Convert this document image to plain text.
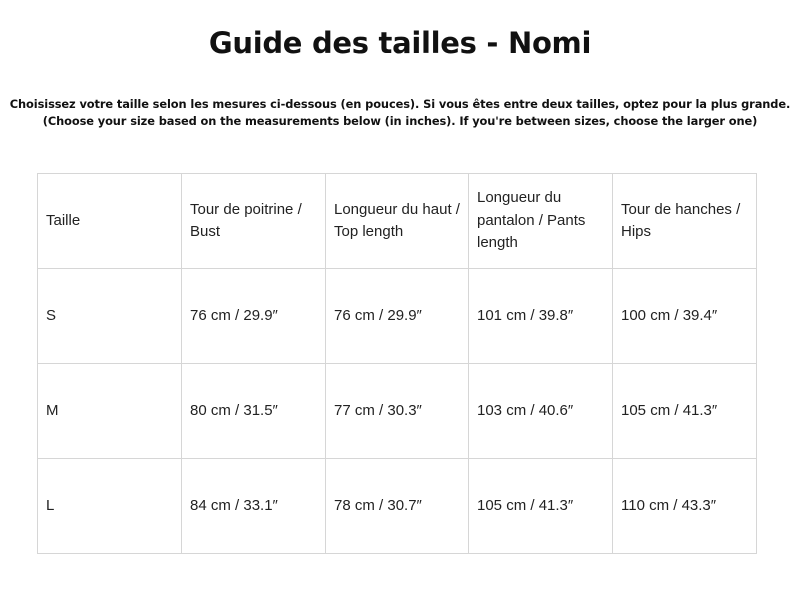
Guide des tailles - Nomi
Choisissez votre taille selon les mesures ci-dessous (en pouces). Si vous êtes entre deux tailles, optez pour la plus grande.
(Choose your size based on the measurements below (in inches). If you're between sizes, choose the larger one)
Taille	Tour de poitrine / Bust	Longueur du haut / Top length	Longueur du pantalon / Pants length	Tour de hanches / Hips
S	76 cm / 29.9″	76 cm / 29.9″	101 cm / 39.8″	100 cm / 39.4″
M	80 cm / 31.5″	77 cm / 30.3″	103 cm / 40.6″	105 cm / 41.3″
L	84 cm / 33.1″	78 cm / 30.7″	105 cm / 41.3″	110 cm / 43.3″
